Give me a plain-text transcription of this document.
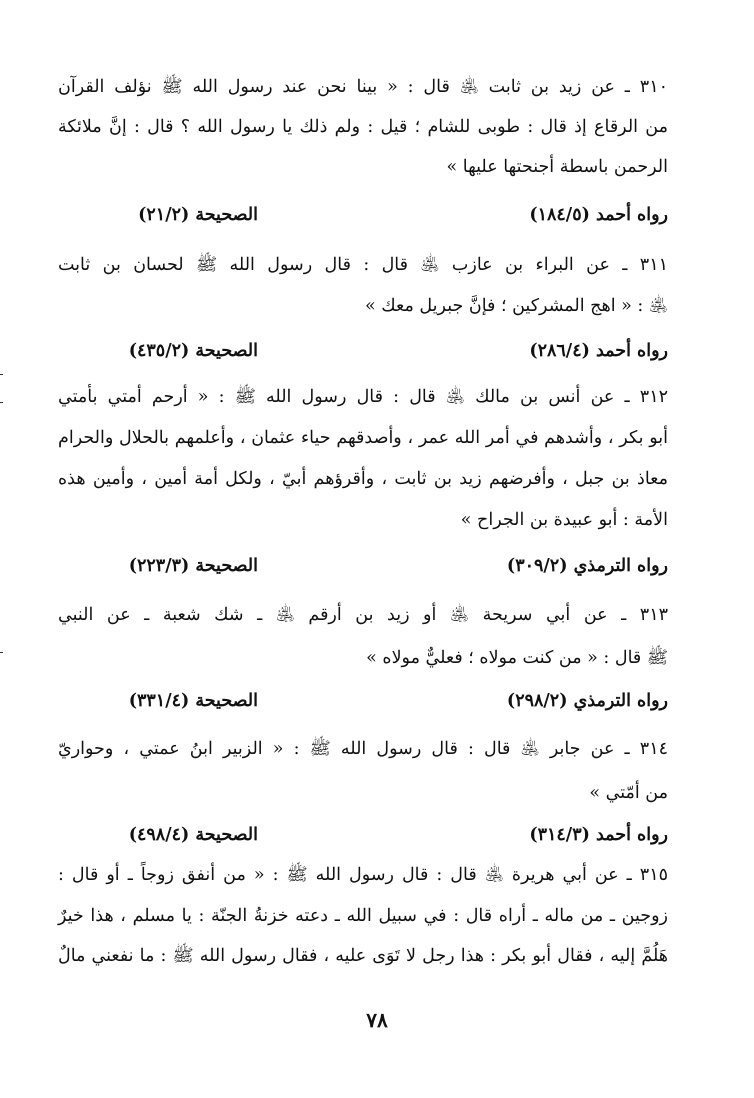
٣١٠ ـ عن زيد بن ثابت ﵁ قال : « بينا نحن عند رسول الله ﷺ نؤلف القرآن
من الرقاع إذ قال : طوبى للشام ؛ قيل : ولم ذلك يا رسول الله ؟ قال : إنَّ ملائكة
الرحمن باسطة أجنحتها عليها »
رواه أحمد (١٨٤/٥)
الصحيحة (٢١/٢)
٣١١ ـ عن البراء بن عازب ﵁ قال : قال رسول الله ﷺ لحسان بن ثابت
﵁ : « اهج المشركين ؛ فإنَّ جبريل معك »
رواه أحمد (٢٨٦/٤)
الصحيحة (٤٣٥/٢)
٣١٢ ـ عن أنس بن مالك ﵁ قال : قال رسول الله ﷺ : « أرحم أمتي بأمتي
أبو بكر ، وأشدهم في أمر الله عمر ، وأصدقهم حياء عثمان ، وأعلمهم بالحلال والحرام
معاذ بن جبل ، وأفرضهم زيد بن ثابت ، وأقرؤهم أبيّ ، ولكل أمة أمين ، وأمين هذه
الأمة : أبو عبيدة بن الجراح »
رواه الترمذي (٣٠٩/٢)
الصحيحة (٢٢٣/٣)
٣١٣ ـ عن أبي سريحة ﵁ أو زيد بن أرقم ﵁ ـ شك شعبة ـ عن النبي
ﷺ قال : « من كنت مولاه ؛ فعليٌّ مولاه »
رواه الترمذي (٢٩٨/٢)
الصحيحة (٣٣١/٤)
٣١٤ ـ عن جابر ﵁ قال : قال رسول الله ﷺ : « الزبير ابنُ عمتي ، وحواريّ
من أمّتي »
رواه أحمد (٣١٤/٣)
الصحيحة (٤٩٨/٤)
٣١٥ ـ عن أبي هريرة ﵁ قال : قال رسول الله ﷺ : « من أنفق زوجاً ـ أو قال :
زوجين ـ من ماله ـ أراه قال : في سبيل الله ـ دعته خزنةُ الجنّة : يا مسلم ، هذا خيرٌ
هَلُمَّ إليه ، فقال أبو بكر : هذا رجل لا تَوَى عليه ، فقال رسول الله ﷺ : ما نفعني مالٌ
٧٨
